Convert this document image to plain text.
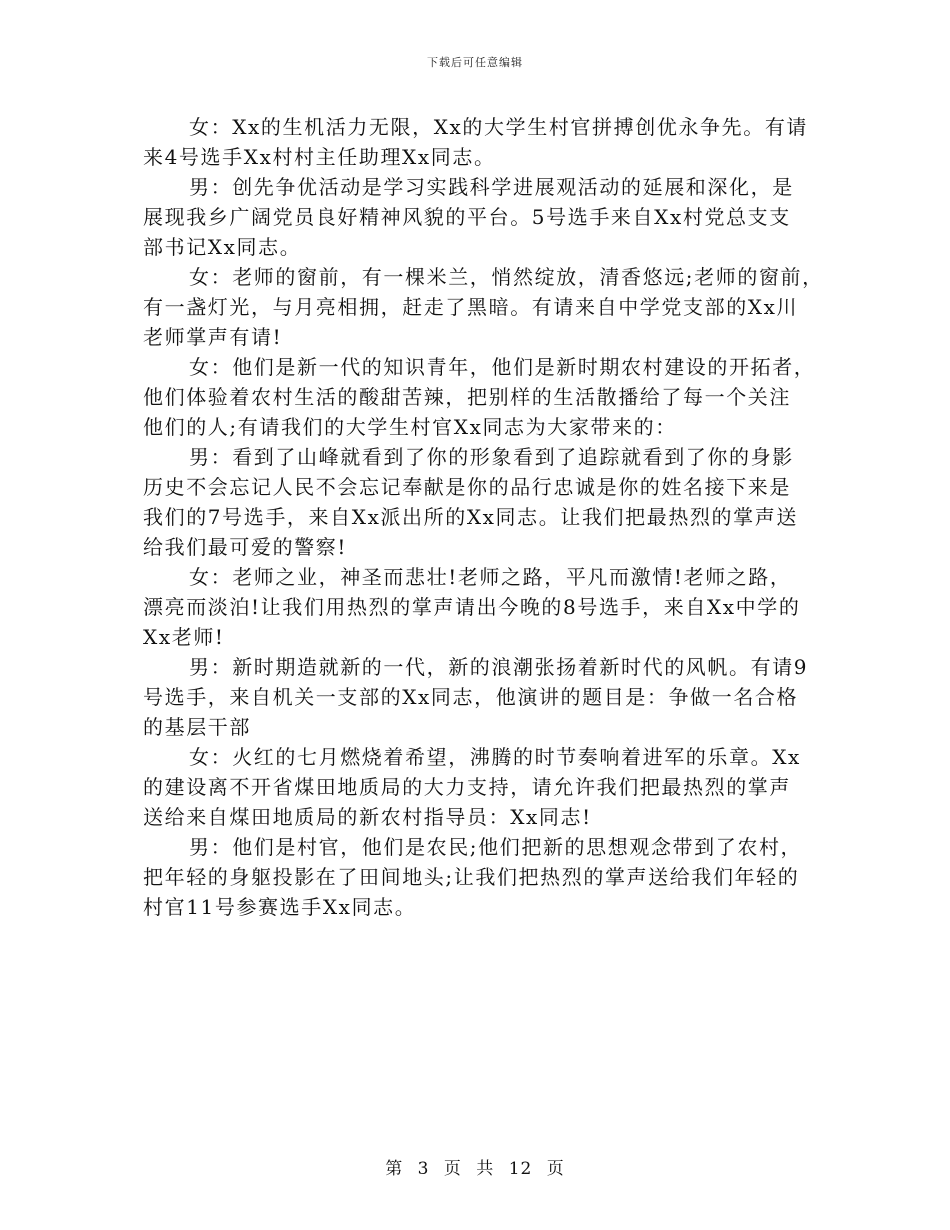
下载后可任意编辑

女：Xx的生机活力无限，Xx的大学生村官拼搏创优永争先。有请
来4号选手Xx村村主任助理Xx同志。

男：创先争优活动是学习实践科学进展观活动的延展和深化，是
展现我乡广阔党员良好精神风貌的平台。5号选手来自Xx村党总支支
部书记Xx同志。

女：老师的窗前，有一棵米兰，悄然绽放，清香悠远;老师的窗前，
有一盏灯光，与月亮相拥，赶走了黑暗。有请来自中学党支部的Xx川
老师掌声有请!

女：他们是新一代的知识青年，他们是新时期农村建设的开拓者，
他们体验着农村生活的酸甜苦辣，把别样的生活散播给了每一个关注
他们的人;有请我们的大学生村官Xx同志为大家带来的：

男：看到了山峰就看到了你的形象看到了追踪就看到了你的身影
历史不会忘记人民不会忘记奉献是你的品行忠诚是你的姓名接下来是
我们的7号选手，来自Xx派出所的Xx同志。让我们把最热烈的掌声送
给我们最可爱的警察!

女：老师之业，神圣而悲壮!老师之路，平凡而激情!老师之路，
漂亮而淡泊!让我们用热烈的掌声请出今晚的8号选手，来自Xx中学的
Xx老师!

男：新时期造就新的一代，新的浪潮张扬着新时代的风帆。有请9
号选手，来自机关一支部的Xx同志，他演讲的题目是：争做一名合格
的基层干部

女：火红的七月燃烧着希望，沸腾的时节奏响着进军的乐章。Xx
的建设离不开省煤田地质局的大力支持，请允许我们把最热烈的掌声
送给来自煤田地质局的新农村指导员：Xx同志!

男：他们是村官，他们是农民;他们把新的思想观念带到了农村，
把年轻的身躯投影在了田间地头;让我们把热烈的掌声送给我们年轻的
村官11号参赛选手Xx同志。

第 3 页 共 12 页
